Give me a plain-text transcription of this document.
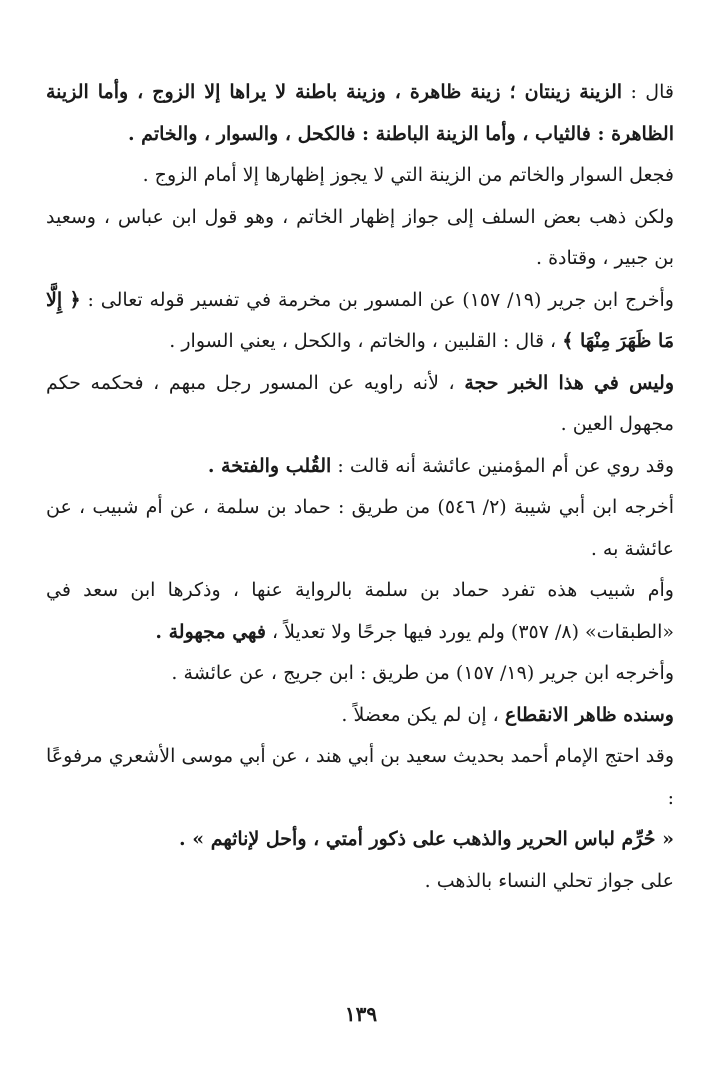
قال : الزينة زينتان ؛ زينة ظاهرة ، وزينة باطنة لا يراها إلا الزوج ، وأما الزينة الظاهرة : فالثياب ، وأما الزينة الباطنة : فالكحل ، والسوار ، والخاتم .

فجعل السوار والخاتم من الزينة التي لا يجوز إظهارها إلا أمام الزوج .

ولكن ذهب بعض السلف إلى جواز إظهار الخاتم ، وهو قول ابن عباس ، وسعيد بن جبير ، وقتادة .

وأخرج ابن جرير (١٩/ ١٥٧) عن المسور بن مخرمة في تفسير قوله تعالى : ﴿ إِلَّا مَا ظَهَرَ مِنْهَا ﴾ ، قال : القلبين ، والخاتم ، والكحل ، يعني السوار .

وليس في هذا الخبر حجة ، لأنه راويه عن المسور رجل مبهم ، فحكمه حكم مجهول العين .

وقد روي عن أم المؤمنين عائشة أنه قالت : القُلب والفتخة .

أخرجه ابن أبي شيبة (٢/ ٥٤٦) من طريق : حماد بن سلمة ، عن أم شبيب ، عن عائشة به .

وأم شبيب هذه تفرد حماد بن سلمة بالرواية عنها ، وذكرها ابن سعد في «الطبقات» (٨/ ٣٥٧) ولم يورد فيها جرحًا ولا تعديلاً ، فهي مجهولة .

وأخرجه ابن جرير (١٩/ ١٥٧) من طريق : ابن جريج ، عن عائشة .

وسنده ظاهر الانقطاع ، إن لم يكن معضلاً .

وقد احتج الإمام أحمد بحديث سعيد بن أبي هند ، عن أبي موسى الأشعري مرفوعًا :

« حُرِّم لباس الحرير والذهب على ذكور أمتي ، وأحل لإناثهم » .

على جواز تحلي النساء بالذهب .

١٣٩
